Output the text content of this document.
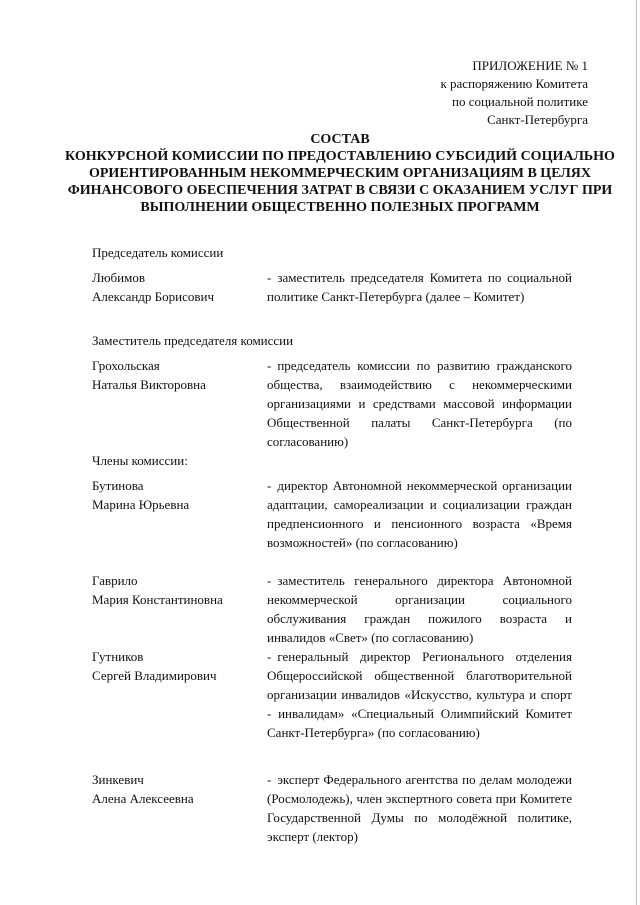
ПРИЛОЖЕНИЕ № 1
к распоряжению Комитета
по социальной политике
Санкт-Петербурга
СОСТАВ
КОНКУРСНОЙ КОМИССИИ ПО ПРЕДОСТАВЛЕНИЮ СУБСИДИЙ СОЦИАЛЬНО ОРИЕНТИРОВАННЫМ НЕКОММЕРЧЕСКИМ ОРГАНИЗАЦИЯМ В ЦЕЛЯХ ФИНАНСОВОГО ОБЕСПЕЧЕНИЯ ЗАТРАТ В СВЯЗИ С ОКАЗАНИЕМ УСЛУГ ПРИ ВЫПОЛНЕНИИ ОБЩЕСТВЕННО ПОЛЕЗНЫХ ПРОГРАММ
Председатель комиссии
Любимов
Александр Борисович
- заместитель председателя Комитета по социальной политике Санкт-Петербурга (далее – Комитет)
Заместитель председателя комиссии
Грохольская
Наталья Викторовна
- председатель комиссии по развитию гражданского общества, взаимодействию с некоммерческими организациями и средствами массовой информации Общественной палаты Санкт-Петербурга (по согласованию)
Члены комиссии:
Бутинова
Марина Юрьевна
- директор Автономной некоммерческой организации адаптации, самореализации и социализации граждан предпенсионного и пенсионного возраста «Время возможностей» (по согласованию)
Гаврило
Мария Константиновна
- заместитель генерального директора Автономной некоммерческой организации социального обслуживания граждан пожилого возраста и инвалидов «Свет» (по согласованию)
Гутников
Сергей Владимирович
- генеральный директор Регионального отделения Общероссийской общественной благотворительной организации инвалидов «Искусство, культура и спорт - инвалидам» «Специальный Олимпийский Комитет Санкт-Петербурга» (по согласованию)
Зинкевич
Алена Алексеевна
- эксперт Федерального агентства по делам молодежи (Росмолодежь), член экспертного совета при Комитете Государственной Думы по молодёжной политике, эксперт (лектор)
